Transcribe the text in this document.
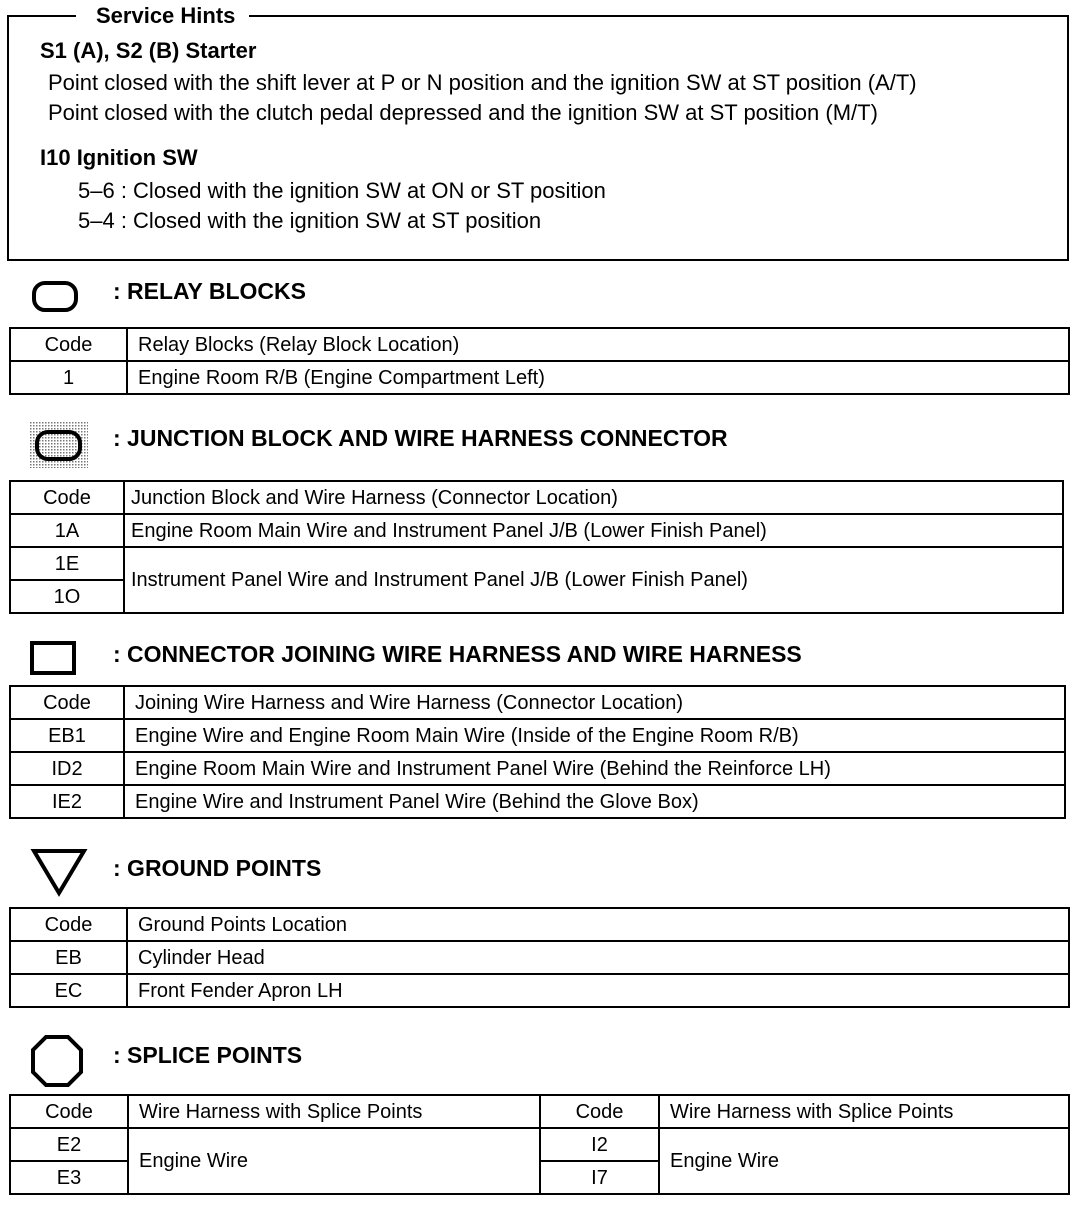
Service Hints
S1 (A), S2 (B) Starter
Point closed with the shift lever at P or N position and the ignition SW at ST position (A/T)
Point closed with the clutch pedal depressed and the ignition SW at ST position (M/T)
I10 Ignition SW
5–6 : Closed with the ignition SW at ON or ST position
5–4 : Closed with the ignition SW at ST position
: RELAY BLOCKS
Code	Relay Blocks (Relay Block Location)
1	Engine Room R/B (Engine Compartment Left)
: JUNCTION BLOCK AND WIRE HARNESS CONNECTOR
Code	Junction Block and Wire Harness (Connector Location)
1A	Engine Room Main Wire and Instrument Panel J/B (Lower Finish Panel)
1E	Instrument Panel Wire and Instrument Panel J/B (Lower Finish Panel)
1O	
: CONNECTOR JOINING WIRE HARNESS AND WIRE HARNESS
Code	Joining Wire Harness and Wire Harness (Connector Location)
EB1	Engine Wire and Engine Room Main Wire (Inside of the Engine Room R/B)
ID2	Engine Room Main Wire and Instrument Panel Wire (Behind the Reinforce LH)
IE2	Engine Wire and Instrument Panel Wire (Behind the Glove Box)
: GROUND POINTS
Code	Ground Points Location
EB	Cylinder Head
EC	Front Fender Apron LH
: SPLICE POINTS
Code	Wire Harness with Splice Points	Code	Wire Harness with Splice Points
E2	Engine Wire	I2	Engine Wire
E3		I7	
